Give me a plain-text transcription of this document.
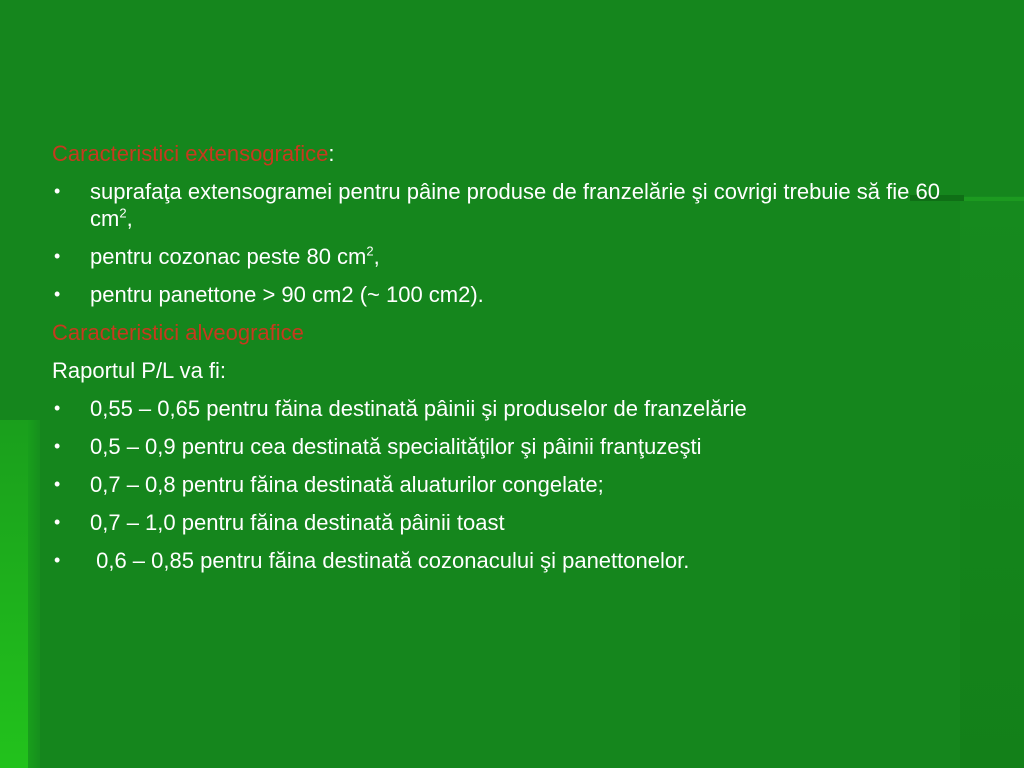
Caracteristici extensografice:
•	suprafaţa extensogramei pentru pâine produse de franzelărie şi covrigi trebuie să fie 60 $cm^2$,
•	pentru cozonac peste 80 $cm^2$,
•	pentru panettone > 90 cm2 (~ 100 cm2).
Caracteristici alveografice
Raportul P/L va fi:
•	0,55 – 0,65 pentru făina destinată pâinii şi produselor de franzelărie
•	0,5 – 0,9 pentru cea destinată specialităţilor şi pâinii franţuzeşti
•	0,7 – 0,8 pentru făina destinată aluaturilor congelate;
•	0,7 – 1,0 pentru făina destinată pâinii toast
•	0,6 – 0,85 pentru făina destinată cozonacului şi panettonelor.
